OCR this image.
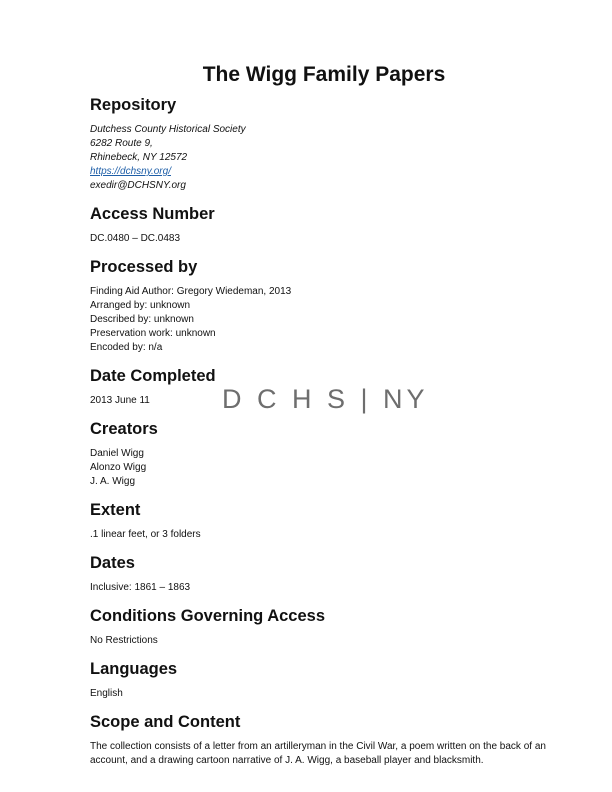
The Wigg Family Papers
D C H S | NY
Repository
Dutchess County Historical Society
6282 Route 9,
Rhinebeck, NY 12572
https://dchsny.org/
exedir@DCHSNY.org
Access Number
DC.0480 – DC.0483
Processed by
Finding Aid Author: Gregory Wiedeman, 2013
Arranged by: unknown
Described by: unknown
Preservation work: unknown
Encoded by: n/a
Date Completed
2013 June 11
Creators
Daniel Wigg
Alonzo Wigg
J. A. Wigg
Extent
.1 linear feet, or 3 folders
Dates
Inclusive: 1861 – 1863
Conditions Governing Access
No Restrictions
Languages
English
Scope and Content
The collection consists of a letter from an artilleryman in the Civil War, a poem written on the back of an account, and a drawing cartoon narrative of J. A. Wigg, a baseball player and blacksmith.
